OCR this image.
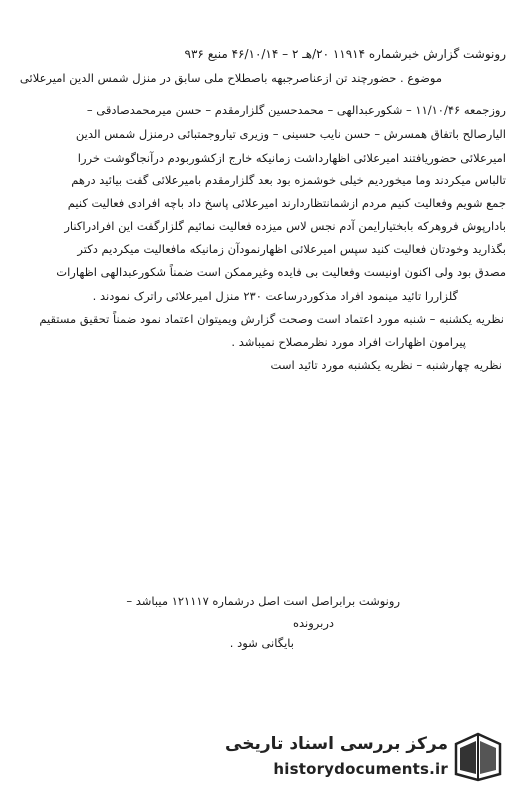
رونوشت گزارش خبرشماره ۱۱۹۱۴ ۲۰/هـ ۲ – ۴۶/۱۰/۱۴ منبع ۹۳۶
موضوع . حضورچند تن ازعناصرجبهه باصطلاح ملی سابق در منزل شمس الدین امیرعلائی
روزجمعه ۱۱/۱۰/۴۶ – شکورعبدالهی – محمدحسین گلزارمقدم – حسن میرمحمدصادقی –
الیارصالح باتفاق همسرش – حسن نایب حسینی – وزیری تیاروجمتبائی درمنزل شمس الدین
امیرعلائی حضوریافتند امیرعلائی اظهارداشت زمانیکه خارج ازکشوربودم درآنجاگوشت خررا
تالباس میکردند وما میخوردیم خیلی خوشمزه بود بعد گلزارمقدم بامیرعلائی گفت بیائید درهم
جمع شویم وفعالیت کنیم مردم ازشمانتظاردارند امیرعلائی پاسخ داد باچه افرادی فعالیت کنیم
بادارپوش فروهرکه بابختیارایمن آدم نجس لاس میزده فعالیت نمائیم گلزارگفت این افرادراکنار
بگذارید وخودتان فعالیت کنید سپس امیرعلائی اظهارنمودآن زمانیکه مافعالیت میکردیم دکتر
مصدق بود ولی اکنون اونیست وفعالیت بی فایده وغیرممکن است ضمناً شکورعبدالهی اظهارات
گلزاررا تائید مینمود افراد مذکوردرساعت ۲۳۰ منزل امیرعلائی راترک نمودند .
نظریه یکشنبه – شنبه مورد اعتماد است وصحت گزارش ویمیتوان اعتماد نمود ضمناً تحقیق مستقیم
پیرامون اظهارات افراد مورد نظرمصلاح نمیباشد .
نظریه چهارشنبه – نظریه یکشنبه مورد تائید است
رونوشت برابراصل است اصل درشماره ۱۲۱۱۱۷ میباشد –
دربرونده
بایگانی شود .
مرکز بررسی اسناد تاریخی
historydocuments.ir
